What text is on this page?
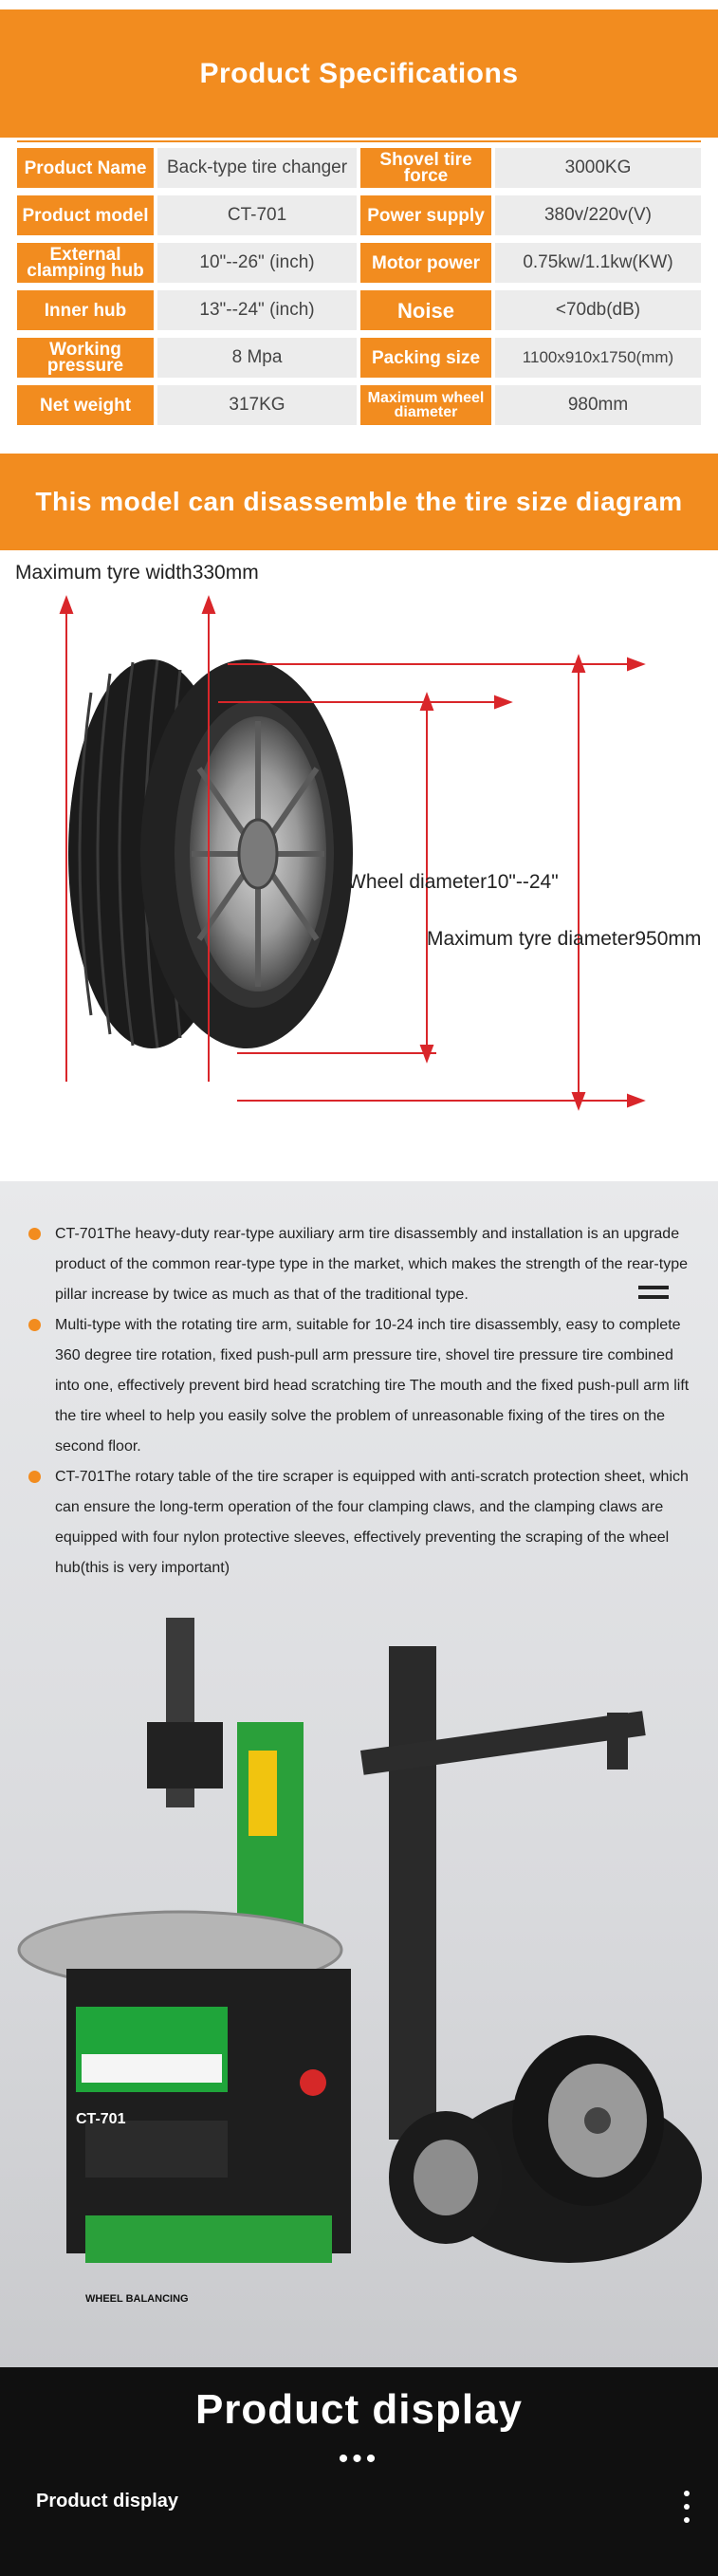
Product Specifications
Product Name	Back-type tire changer	Shovel tire force	3000KG
Product model	CT-701	Power supply	380v/220v(V)
External clamping hub	10"--26" (inch)	Motor power	0.75kw/1.1kw(KW)
Inner hub	13"--24" (inch)	Noise	<70db(dB)
Working pressure	8 Mpa	Packing size	1100x910x1750(mm)
Net weight	317KG	Maximum wheel diameter	980mm
This model can disassemble the tire size diagram
Maximum tyre width330mm
Wheel diameter10"--24"
Maximum tyre diameter950mm
CT-701The heavy-duty rear-type auxiliary arm tire disassembly and installation is an upgrade product of the common rear-type type in the market, which makes the strength of the rear-type pillar increase by twice as much as that of the traditional type.
Multi-type with the rotating tire arm, suitable for 10-24 inch tire disassembly, easy to complete 360 degree tire rotation, fixed push-pull arm pressure tire, shovel tire pressure tire combined into one, effectively prevent bird head scratching tire The mouth and the fixed push-pull arm lift the tire wheel to help you easily solve the problem of unreasonable fixing of the tires on the second floor.
CT-701The rotary table of the tire scraper is equipped with anti-scratch protection sheet, which can ensure the long-term operation of the four clamping claws, and the clamping claws are equipped with four nylon protective sleeves, effectively preventing the scraping of the wheel hub(this is very important)
CT-701
WHEEL BALANCING
Product display
•••
Product display
